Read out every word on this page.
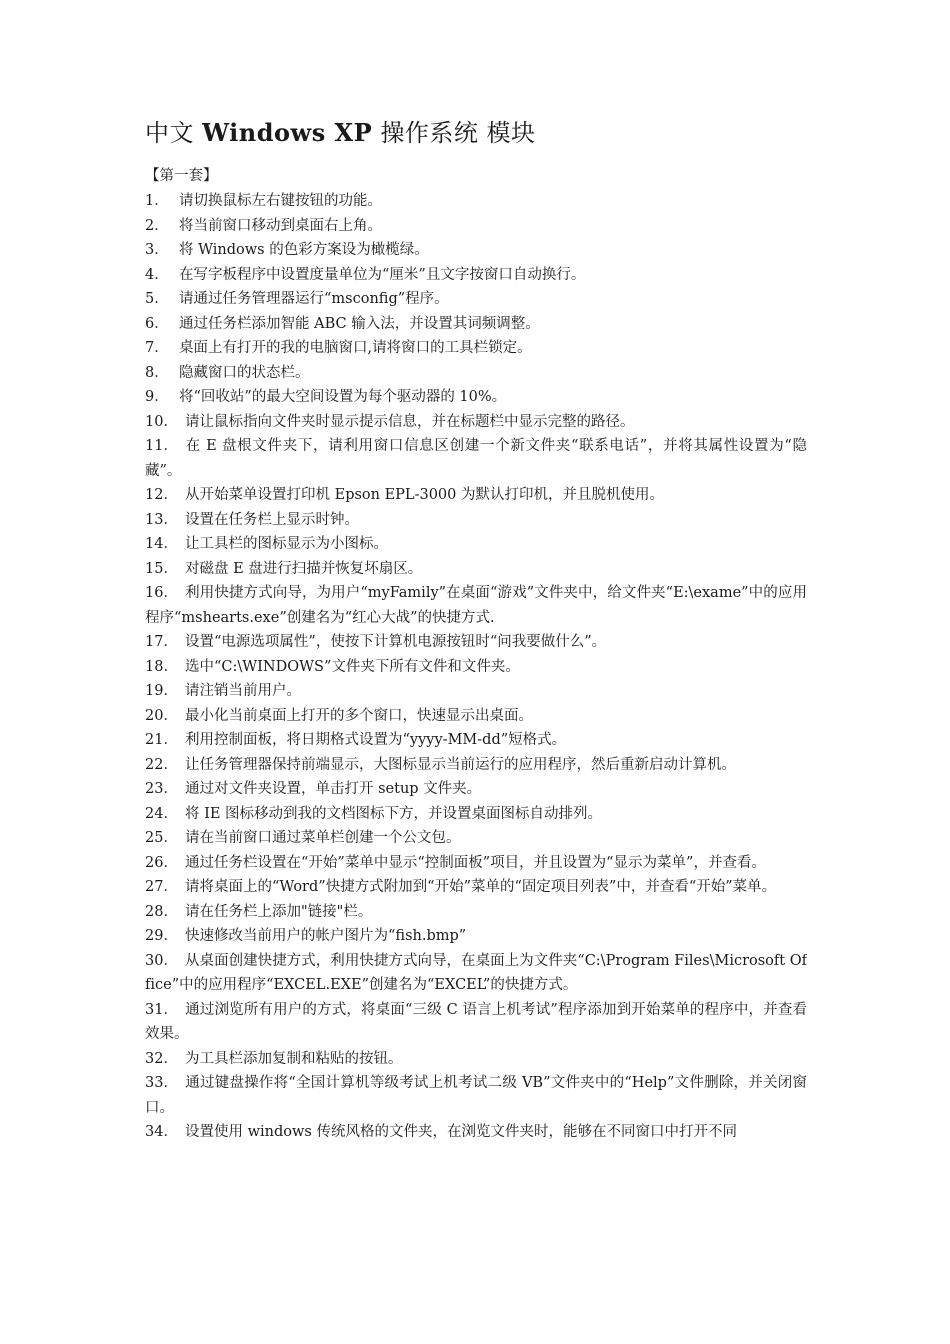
中文 Windows XP 操作系统 模块
【第一套】
1． 请切换鼠标左右键按钮的功能。
2． 将当前窗口移动到桌面右上角。
3． 将 Windows 的色彩方案设为橄榄绿。
4． 在写字板程序中设置度量单位为“厘米”且文字按窗口自动换行。
5． 请通过任务管理器运行“msconfig”程序。
6． 通过任务栏添加智能 ABC 输入法，并设置其词频调整。
7． 桌面上有打开的我的电脑窗口,请将窗口的工具栏锁定。
8． 隐藏窗口的状态栏。
9． 将“回收站”的最大空间设置为每个驱动器的 10%。
10． 请让鼠标指向文件夹时显示提示信息，并在标题栏中显示完整的路径。
11． 在 E 盘根文件夹下，请利用窗口信息区创建一个新文件夹“联系电话”，并将其属性设置为“隐藏”。
12． 从开始菜单设置打印机 Epson EPL-3000 为默认打印机，并且脱机使用。
13． 设置在任务栏上显示时钟。
14． 让工具栏的图标显示为小图标。
15． 对磁盘 E 盘进行扫描并恢复坏扇区。
16． 利用快捷方式向导，为用户“myFamily”在桌面“游戏”文件夹中，给文件夹“E:\exame”中的应用程序“mshearts.exe”创建名为“红心大战”的快捷方式.
17． 设置“电源选项属性”，使按下计算机电源按钮时“问我要做什么”。
18． 选中“C:\WINDOWS”文件夹下所有文件和文件夹。
19． 请注销当前用户。
20． 最小化当前桌面上打开的多个窗口，快速显示出桌面。
21． 利用控制面板，将日期格式设置为“yyyy-MM-dd”短格式。
22． 让任务管理器保持前端显示，大图标显示当前运行的应用程序，然后重新启动计算机。
23． 通过对文件夹设置，单击打开 setup 文件夹。
24． 将 IE 图标移动到我的文档图标下方，并设置桌面图标自动排列。
25． 请在当前窗口通过菜单栏创建一个公文包。
26． 通过任务栏设置在“开始”菜单中显示“控制面板”项目，并且设置为“显示为菜单”，并查看。
27． 请将桌面上的“Word”快捷方式附加到“开始”菜单的“固定项目列表”中，并查看“开始”菜单。
28． 请在任务栏上添加"链接"栏。
29． 快速修改当前用户的帐户图片为“fish.bmp”
30． 从桌面创建快捷方式，利用快捷方式向导，在桌面上为文件夹“C:\Program Files\Microsoft Office”中的应用程序“EXCEL.EXE”创建名为“EXCEL”的快捷方式。
31． 通过浏览所有用户的方式，将桌面“三级 C 语言上机考试”程序添加到开始菜单的程序中，并查看效果。
32． 为工具栏添加复制和粘贴的按钮。
33． 通过键盘操作将“全国计算机等级考试上机考试二级 VB”文件夹中的“Help”文件删除，并关闭窗口。
34． 设置使用 windows 传统风格的文件夹，在浏览文件夹时，能够在不同窗口中打开不同
